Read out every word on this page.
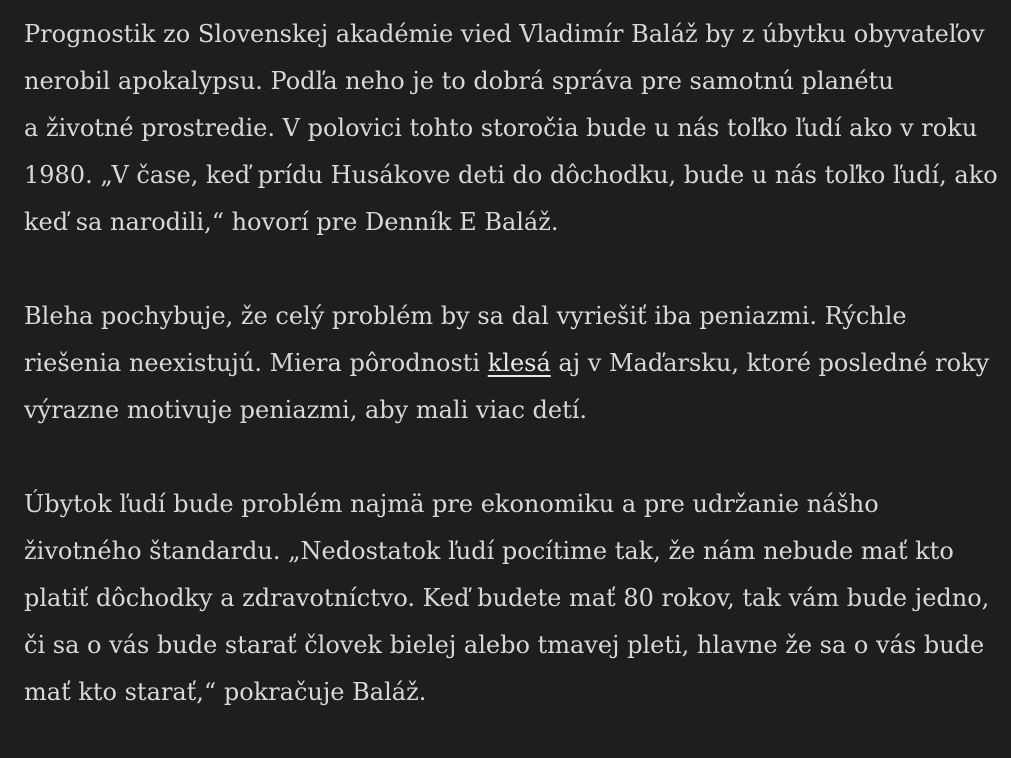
Prognostik zo Slovenskej akadémie vied Vladimír Baláž by z úbytku obyvateľov
nerobil apokalypsu. Podľa neho je to dobrá správa pre samotnú planétu
a životné prostredie. V polovici tohto storočia bude u nás toľko ľudí ako v roku
1980. „V čase, keď prídu Husákove deti do dôchodku, bude u nás toľko ľudí, ako
keď sa narodili,“ hovorí pre Denník E Baláž.
Bleha pochybuje, že celý problém by sa dal vyriešiť iba peniazmi. Rýchle
riešenia neexistujú. Miera pôrodnosti klesá aj v Maďarsku, ktoré posledné roky
výrazne motivuje peniazmi, aby mali viac detí.
Úbytok ľudí bude problém najmä pre ekonomiku a pre udržanie nášho
životného štandardu. „Nedostatok ľudí pocítime tak, že nám nebude mať kto
platiť dôchodky a zdravotníctvo. Keď budete mať 80 rokov, tak vám bude jedno,
či sa o vás bude starať človek bielej alebo tmavej pleti, hlavne že sa o vás bude
mať kto starať,“ pokračuje Baláž.
